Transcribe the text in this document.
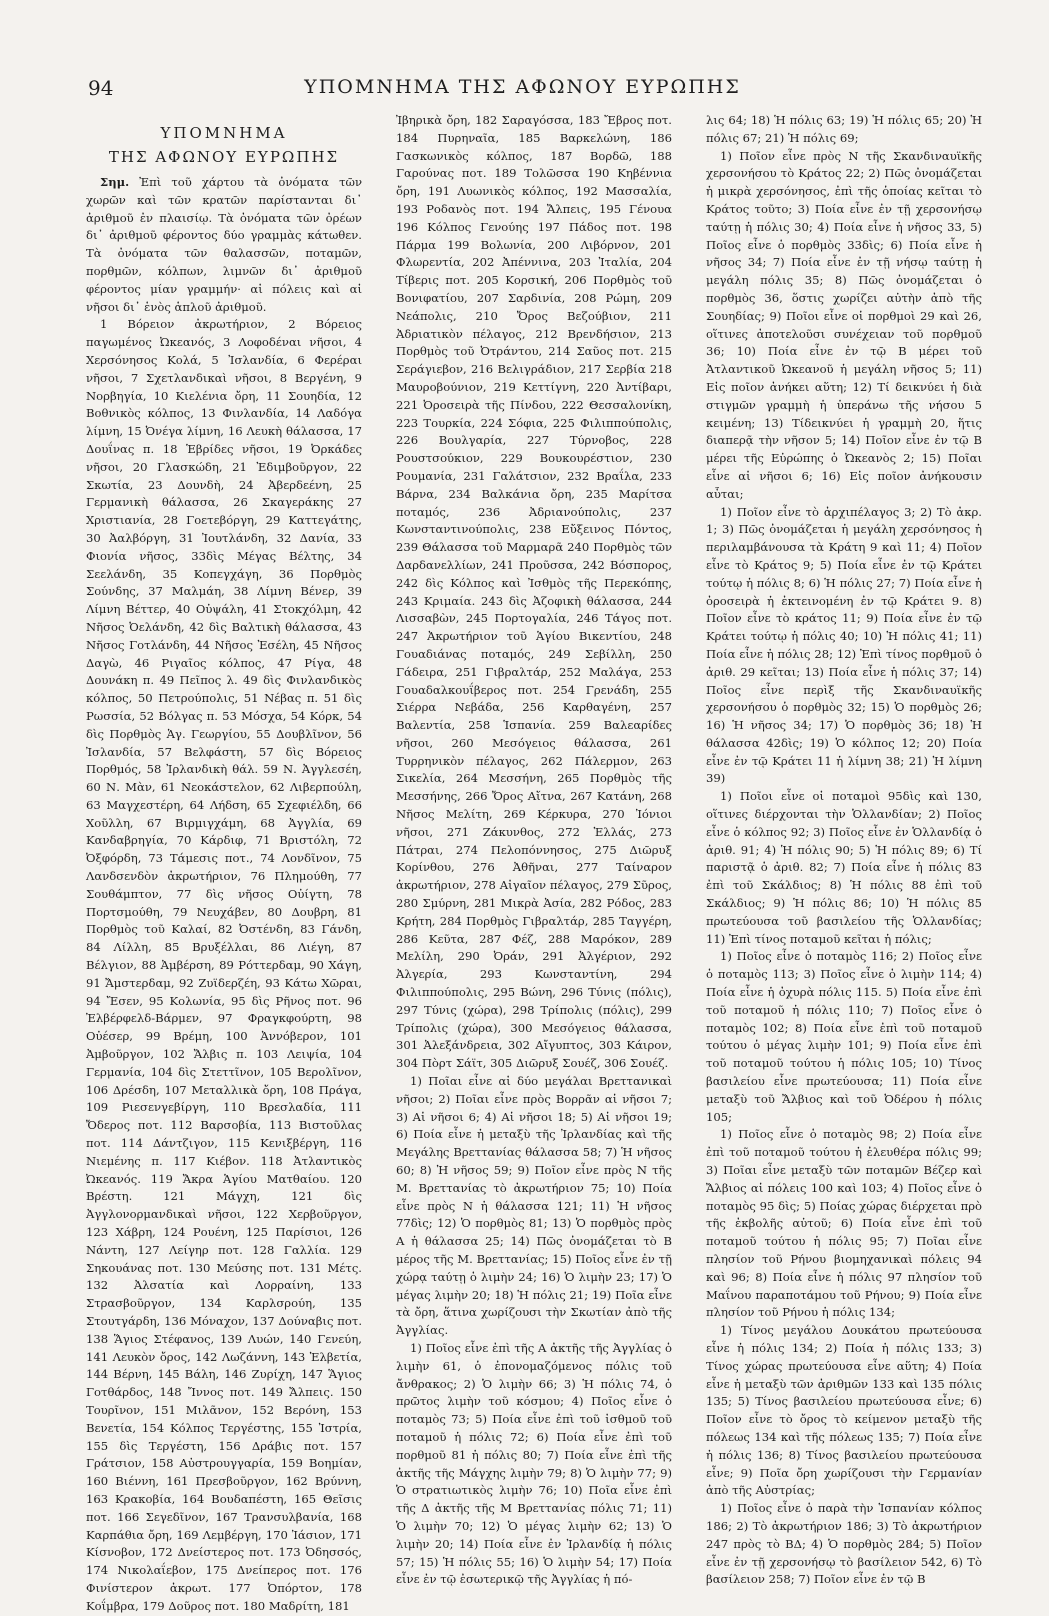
94	ΥΠΟΜΝΗΜΑ ΤΗΣ ΑΦΩΝΟΥ ΕΥΡΩΠΗΣ
ΥΠΟΜΝΗΜΑ
ΤΗΣ ΑΦΩΝΟΥ ΕΥΡΩΠΗΣ

Σημ. Ἐπὶ τοῦ χάρτου τὰ ὀνόματα τῶν χωρῶν καὶ τῶν κρατῶν παρίστανται δι᾽ ἀριθμοῦ ἐν πλαισίῳ. Τὰ ὀνόματα τῶν ὀρέων δι᾽ ἀριθμοῦ φέροντος δύο γραμμὰς κάτωθεν. Τὰ ὀνόματα τῶν θαλασσῶν, ποταμῶν, πορθμῶν, κόλπων, λιμνῶν δι᾽ ἀριθμοῦ φέροντος μίαν γραμμήν· αἱ πόλεις καὶ αἱ νῆσοι δι᾽ ἑνὸς ἁπλοῦ ἀριθμοῦ.

1 Βόρειον ἀκρωτήριον, 2 Βόρειος παγωμένος Ὠκεανός, 3 Λοφοδέναι νῆσοι, 4 Χερσόνησος Κολά, 5 Ἰσλανδία, 6 Φερέραι νῆσοι, 7 Σχετλανδικαὶ νῆσοι, 8 Βεργένη, 9 Νορβηγία, 10 Κιελένια ὄρη, 11 Σουηδία, 12 Βοθνικὸς κόλπος, 13 Φινλανδία, 14 Λαδόγα λίμνη, 15 Ὀνέγα λίμνη, 16 Λευκὴ θάλασσα, 17 Δουΐνας π. 18 Ἑβρίδες νῆσοι, 19 Ὀρκάδες νῆσοι, 20 Γλασκώδη, 21 Ἐδιμβοῦργον, 22 Σκωτία, 23 Δουνδὴ, 24 Ἀβερδεένη, 25 Γερμανικὴ θάλασσα, 26 Σκαγεράκης 27 Χριστιανία, 28 Γοετεβόργη, 29 Καττεγάτης, 30 Ἀαλβόργη, 31 Ἰουτλάνδη, 32 Δανία, 33 Φιονία νῆσος, 33δὶς Μέγας Βέλτης, 34 Σεελάνδη, 35 Κοπεγχάγη, 36 Πορθμὸς Σούνδης, 37 Μαλμάη, 38 Λίμνη Βένερ, 39 Λίμνη Βέττερ, 40 Οὐψάλη, 41 Στοκχόλμη, 42 Νῆσος Ὀελάνδη, 42 δὶς Βαλτικὴ θάλασσα, 43 Νῆσος Γοτλάνδη, 44 Νῆσος Ἐσέλη, 45 Νῆσος Δαγὼ, 46 Ριγαῖος κόλπος, 47 Ρίγα, 48 Δουνάκη π. 49 Πεῖπος λ. 49 δὶς Φινλανδικὸς κόλπος, 50 Πετρούπολις, 51 Νέβας π. 51 δὶς Ρωσσία, 52 Βόλγας π. 53 Μόσχα, 54 Κόρκ, 54 δὶς Πορθμὸς Ἁγ. Γεωργίου, 55 Δουβλῖνον, 56 Ἰσλανδία, 57 Βελφάστη, 57 δὶς Βόρειος Πορθμός, 58 Ἰρλανδικὴ θάλ. 59 Ν. Ἀγγλεσέη, 60 Ν. Μὰν, 61 Νεοκάστελον, 62 Λιβερπούλη, 63 Μαγχεστέρη, 64 Λήδση, 65 Σχεφιέλδη, 66 Χοῦλλη, 67 Βιρμιγχάμη, 68 Ἀγγλία, 69 Κανδαβρηγία, 70 Κάρδιφ, 71 Βριστόλη, 72 Ὀξφόρδη, 73 Τάμεσις ποτ., 74 Λονδῖνον, 75 Λανδσενδὸν ἀκρωτήριον, 76 Πλημούθη, 77 Σουθάμπτον, 77 δὶς νῆσος Οὐίγτη, 78 Πορτσμούθη, 79 Νευχάβεν, 80 Δουβρη, 81 Πορθμὸς τοῦ Καλαί, 82 Ὀστένδη, 83 Γάνδη, 84 Λίλλη, 85 Βρυξέλλαι, 86 Λιέγη, 87 Βέλγιον, 88 Ἀμβέρση, 89 Ρόττερδαμ, 90 Χάγη, 91 Ἄμστερδαμ, 92 Ζυϊδερζέη, 93 Κάτω Χῶραι, 94 Ἔσεν, 95 Κολωνία, 95 δὶς Ρῆνος ποτ. 96 Ἐλβέρφελδ-Βάρμεν, 97 Φραγκφούρτη, 98 Οὐέσερ, 99 Βρέμη, 100 Ἀννόβερον, 101 Ἀμβοῦργον, 102 Ἄλβις π. 103 Λειψία, 104 Γερμανία, 104 δὶς Στεττῖνον, 105 Βερολῖνον, 106 Δρέσδη, 107 Μεταλλικὰ ὄρη, 108 Πράγα, 109 Ριεσενγεβίργη, 110 Βρεσλαδία, 111 Ὄδερος ποτ. 112 Βαρσοβία, 113 Βιστοῦλας ποτ. 114 Δάντζιγον, 115 Κενιξβέργη, 116 Νιεμένης π. 117 Κιέβον. 118 Ἀτλαντικὸς Ὠκεανός. 119 Ἄκρα Ἁγίου Ματθαίου. 120 Βρέστη. 121 Μάγχη, 121 δὶς Ἀγγλονορμανδικαὶ νῆσοι, 122 Χερβοῦργον, 123 Χάβρη, 124 Ρουένη, 125 Παρίσιοι, 126 Νάντη, 127 Λείγηρ ποτ. 128 Γαλλία. 129 Σηκουάνας ποτ. 130 Μεύσης ποτ. 131 Μέτς. 132 Ἀλσατία καὶ Λορραίνη, 133 Στρασβοῦργον, 134 Καρλσρούη, 135 Στουτγάρδη, 136 Μόναχον, 137 Δούναβις ποτ. 138 Ἅγιος Στέφανος, 139 Λυών, 140 Γενεύη, 141 Λευκὸν ὄρος, 142 Λωζάννη, 143 Ἑλβετία, 144 Βέρνη, 145 Βάλη, 146 Ζυρίχη, 147 Ἅγιος Γοτθάρδος, 148 Ἴννος ποτ. 149 Ἄλπεις. 150 Τουρῖνον, 151 Μιλᾶνον, 152 Βερόνη, 153 Βενετία, 154 Κόλπος Τεργέστης, 155 Ἰστρία, 155 δὶς Τεργέστη, 156 Δράβις ποτ. 157 Γράτσιον, 158 Αὐστρουγγαρία, 159 Βοημίαν, 160 Βιέννη, 161 Πρεσβοῦργον, 162 Βρύννη, 163 Κρακοβία, 164 Βουδαπέστη, 165 Θεῖσις ποτ. 166 Σεγεδῖνον, 167 Τρανσυλβανία, 168 Καρπάθια ὄρη, 169 Λεμβέργη, 170 Ἰάσιον, 171 Κίσνοβον, 172 Δνείστερος ποτ. 173 Ὀδησσός, 174 Νικολαΐεβον, 175 Δνείπερος ποτ. 176 Φινίστερον ἀκρωτ. 177 Ὀπόρτον, 178 Κοΐμβρα, 179 Δοῦρος ποτ. 180 Μαδρίτη, 181

Ἰβηρικὰ ὄρη, 182 Σαραγόσσα, 183 Ἔβρος ποτ. 184 Πυρηναῖα, 185 Βαρκελώνη, 186 Γασκωνικὸς κόλπος, 187 Βορδῶ, 188 Γαρούνας ποτ. 189 Τολῶσσα 190 Κηβέννια ὄρη, 191 Λυωνικὸς κόλπος, 192 Μασσαλία, 193 Ροδανὸς ποτ. 194 Ἄλπεις, 195 Γένουα 196 Κόλπος Γενούης 197 Πάδος ποτ. 198 Πάρμα 199 Βολωνία, 200 Λιβόρνον, 201 Φλωρεντία, 202 Ἀπέννινα, 203 Ἰταλία, 204 Τίβερις ποτ. 205 Κορσική, 206 Πορθμὸς τοῦ Βονιφατίου, 207 Σαρδινία, 208 Ρώμη, 209 Νεάπολις, 210 Ὄρος Βεζούβιον, 211 Ἀδριατικὸν πέλαγος, 212 Βρενδήσιον, 213 Πορθμὸς τοῦ Ὀτράντου, 214 Σαῦος ποτ. 215 Σεράγιεβον, 216 Βελιγράδιον, 217 Σερβία 218 Μαυροβούνιον, 219 Κεττίγνη, 220 Ἀντίβαρι, 221 Ὀροσειρὰ τῆς Πίνδου, 222 Θεσσαλονίκη, 223 Τουρκία, 224 Σόφια, 225 Φιλιππούπολις, 226 Βουλγαρία, 227 Τύρνοβος, 228 Ρουστσούκιον, 229 Βουκουρέστιον, 230 Ρουμανία, 231 Γαλάτσιον, 232 Βραΐλα, 233 Βάρνα, 234 Βαλκάνια ὄρη, 235 Μαρίτσα ποταμός, 236 Ἀδριανούπολις, 237 Κωνσταντινούπολις, 238 Εὔξεινος Πόντος, 239 Θάλασσα τοῦ Μαρμαρᾶ 240 Πορθμὸς τῶν Δαρδανελλίων, 241 Προῦσσα, 242 Βόσπορος, 242 δὶς Κόλπος καὶ Ἰσθμὸς τῆς Περεκόπης, 243 Κριμαία. 243 δὶς Ἀζοφικὴ θάλασσα, 244 Λισσαβὼν, 245 Πορτογαλία, 246 Τάγος ποτ. 247 Ἀκρωτήριον τοῦ Ἁγίου Βικεντίου, 248 Γουαδιάνας ποταμός, 249 Σεβίλλη, 250 Γάδειρα, 251 Γιβραλτάρ, 252 Μαλάγα, 253 Γουαδαλκουΐβερος ποτ. 254 Γρενάδη, 255 Σιέρρα Νεβάδα, 256 Καρθαγένη, 257 Βαλεντία, 258 Ἱσπανία. 259 Βαλεαρίδες νῆσοι, 260 Μεσόγειος θάλασσα, 261 Τυρρηνικὸν πέλαγος, 262 Πάλερμον, 263 Σικελία, 264 Μεσσήνη, 265 Πορθμὸς τῆς Μεσσήνης, 266 Ὄρος Αἴτνα, 267 Κατάνη, 268 Νῆσος Μελίτη, 269 Κέρκυρα, 270 Ἰόνιοι νῆσοι, 271 Ζάκυνθος, 272 Ἑλλάς, 273 Πάτραι, 274 Πελοπόννησος, 275 Διῶρυξ Κορίνθου, 276 Ἀθῆναι, 277 Ταίναρον ἀκρωτήριον, 278 Αἰγαῖον πέλαγος, 279 Σῦρος, 280 Σμύρνη, 281 Μικρὰ Ἀσία, 282 Ρόδος, 283 Κρήτη, 284 Πορθμὸς Γιβραλτάρ, 285 Ταγγέρη, 286 Κεῦτα, 287 Φέζ, 288 Μαρόκον, 289 Μελίλη, 290 Ὀράν, 291 Ἀλγέριον, 292 Ἀλγερία, 293 Κωνσταντίνη, 294 Φιλιππούπολις, 295 Βώνη, 296 Τύνις (πόλις), 297 Τύνις (χώρα), 298 Τρίπολις (πόλις), 299 Τρίπολις (χώρα), 300 Μεσόγειος θάλασσα, 301 Ἀλεξάνδρεια, 302 Αἴγυπτος, 303 Κάιρον, 304 Πὸρτ Σάϊτ, 305 Διῶρυξ Σουέζ, 306 Σουέζ.

1) Ποῖαι εἶνε αἱ δύο μεγάλαι Βρεττανικαὶ νῆσοι; 2) Ποῖαι εἶνε πρὸς Βορρᾶν αἱ νῆσοι 7; 3) Αἱ νῆσοι 6; 4) Αἱ νῆσοι 18; 5) Αἱ νῆσοι 19; 6) Ποία εἶνε ἡ μεταξὺ τῆς Ἰρλανδίας καὶ τῆς Μεγάλης Βρεττανίας θάλασσα 58; 7) Ἡ νῆσος 60; 8) Ἡ νῆσος 59; 9) Ποῖον εἶνε πρὸς Ν τῆς Μ. Βρεττανίας τὸ ἀκρωτήριον 75; 10) Ποία εἶνε πρὸς Ν ἡ θάλασσα 121; 11) Ἡ νῆσος 77δὶς; 12) Ὁ πορθμὸς 81; 13) Ὁ πορθμὸς πρὸς Α ἡ θάλασσα 25; 14) Πῶς ὀνομάζεται τὸ Β μέρος τῆς Μ. Βρεττανίας; 15) Ποῖος εἶνε ἐν τῇ χώρᾳ ταύτῃ ὁ λιμὴν 24; 16) Ὁ λιμὴν 23; 17) Ὁ μέγας λιμὴν 20; 18) Ἡ πόλις 21; 19) Ποῖα εἶνε τὰ ὄρη, ἅτινα χωρίζουσι τὴν Σκωτίαν ἀπὸ τῆς Ἀγγλίας.

1) Ποῖος εἶνε ἐπὶ τῆς Α ἀκτῆς τῆς Ἀγγλίας ὁ λιμὴν 61, ὁ ἐπονομαζόμενος πόλις τοῦ ἄνθρακος; 2) Ὁ λιμὴν 66; 3) Ἡ πόλις 74, ὁ πρῶτος λιμὴν τοῦ κόσμου; 4) Ποῖος εἶνε ὁ ποταμὸς 73; 5) Ποία εἶνε ἐπὶ τοῦ ἰσθμοῦ τοῦ ποταμοῦ ἡ πόλις 72; 6) Ποία εἶνε ἐπὶ τοῦ πορθμοῦ 81 ἡ πόλις 80; 7) Ποία εἶνε ἐπὶ τῆς ἀκτῆς τῆς Μάγχης λιμὴν 79; 8) Ὁ λιμὴν 77; 9) Ὁ στρατιωτικὸς λιμὴν 76; 10) Ποῖα εἶνε ἐπὶ τῆς Δ ἀκτῆς τῆς Μ Βρεττανίας πόλις 71; 11) Ὁ λιμὴν 70; 12) Ὁ μέγας λιμὴν 62; 13) Ὁ λιμὴν 20; 14) Ποία εἶνε ἐν Ἰρλανδίᾳ ἡ πόλις 57; 15) Ἡ πόλις 55; 16) Ὁ λιμὴν 54; 17) Ποία εἶνε ἐν τῷ ἐσωτερικῷ τῆς Ἀγγλίας ἡ πό-

λις 64; 18) Ἡ πόλις 63; 19) Ἡ πόλις 65; 20) Ἡ πόλις 67; 21) Ἡ πόλις 69;

1) Ποῖον εἶνε πρὸς Ν τῆς Σκανδιναυϊκῆς χερσονήσου τὸ Κράτος 22; 2) Πῶς ὀνομάζεται ἡ μικρὰ χερσόνησος, ἐπὶ τῆς ὁποίας κεῖται τὸ Κράτος τοῦτο; 3) Ποία εἶνε ἐν τῇ χερσονήσῳ ταύτῃ ἡ πόλις 30; 4) Ποία εἶνε ἡ νῆσος 33, 5) Ποῖος εἶνε ὁ πορθμὸς 33δὶς; 6) Ποία εἶνε ἡ νῆσος 34; 7) Ποία εἶνε ἐν τῇ νήσῳ ταύτῃ ἡ μεγάλη πόλις 35; 8) Πῶς ὀνομάζεται ὁ πορθμὸς 36, ὅστις χωρίζει αὐτὴν ἀπὸ τῆς Σουηδίας; 9) Ποῖοι εἶνε οἱ πορθμοὶ 29 καὶ 26, οἵτινες ἀποτελοῦσι συνέχειαν τοῦ πορθμοῦ 36; 10) Ποία εἶνε ἐν τῷ Β μέρει τοῦ Ἀτλαντικοῦ Ὠκεανοῦ ἡ μεγάλη νῆσος 5; 11) Εἰς ποῖον ἀνήκει αὕτη; 12) Τί δεικνύει ἡ διὰ στιγμῶν γραμμὴ ἡ ὑπεράνω τῆς νήσου 5 κειμένη; 13) Τίδεικνύει ἡ γραμμὴ 20, ἥτις διαπερᾷ τὴν νῆσον 5; 14) Ποῖον εἶνε ἐν τῷ Β μέρει τῆς Εὐρώπης ὁ Ὠκεανὸς 2; 15) Ποῖαι εἶνε αἱ νῆσοι 6; 16) Εἰς ποῖον ἀνήκουσιν αὗται;

1) Ποῖον εἶνε τὸ ἀρχιπέλαγος 3; 2) Τὸ ἀκρ. 1; 3) Πῶς ὀνομάζεται ἡ μεγάλη χερσόνησος ἡ περιλαμβάνουσα τὰ Κράτη 9 καὶ 11; 4) Ποῖον εἶνε τὸ Κράτος 9; 5) Ποία εἶνε ἐν τῷ Κράτει τούτῳ ἡ πόλις 8; 6) Ἡ πόλις 27; 7) Ποία εἶνε ἡ ὀροσειρὰ ἡ ἐκτεινομένη ἐν τῷ Κράτει 9. 8) Ποῖον εἶνε τὸ κράτος 11; 9) Ποία εἶνε ἐν τῷ Κράτει τούτῳ ἡ πόλις 40; 10) Ἡ πόλις 41; 11) Ποία εἶνε ἡ πόλις 28; 12) Ἐπὶ τίνος πορθμοῦ ὁ ἀριθ. 29 κεῖται; 13) Ποία εἶνε ἡ πόλις 37; 14) Ποῖος εἶνε περὶξ τῆς Σκανδιναυϊκῆς χερσονήσου ὁ πορθμὸς 32; 15) Ὁ πορθμὸς 26; 16) Ἡ νῆσος 34; 17) Ὁ πορθμὸς 36; 18) Ἡ θάλασσα 42δὶς; 19) Ὁ κόλπος 12; 20) Ποία εἶνε ἐν τῷ Κράτει 11 ἡ λίμνη 38; 21) Ἡ λίμνη 39)

1) Ποῖοι εἶνε οἱ ποταμοὶ 95δὶς καὶ 130, οἵτινες διέρχονται τὴν Ὁλλανδίαν; 2) Ποῖος εἶνε ὁ κόλπος 92; 3) Ποῖος εἶνε ἐν Ὁλλανδίᾳ ὁ ἀριθ. 91; 4) Ἡ πόλις 90; 5) Ἡ πόλις 89; 6) Τί παριστᾷ ὁ ἀριθ. 82; 7) Ποία εἶνε ἡ πόλις 83 ἐπὶ τοῦ Σκάλδιος; 8) Ἡ πόλις 88 ἐπὶ τοῦ Σκάλδιος; 9) Ἡ πόλις 86; 10) Ἡ πόλις 85 πρωτεύουσα τοῦ βασιλείου τῆς Ὁλλανδίας; 11) Ἐπὶ τίνος ποταμοῦ κεῖται ἡ πόλις;

1) Ποῖος εἶνε ὁ ποταμὸς 116; 2) Ποῖος εἶνε ὁ ποταμὸς 113; 3) Ποῖος εἶνε ὁ λιμὴν 114; 4) Ποία εἶνε ἡ ὀχυρὰ πόλις 115. 5) Ποία εἶνε ἐπὶ τοῦ ποταμοῦ ἡ πόλις 110; 7) Ποῖος εἶνε ὁ ποταμὸς 102; 8) Ποία εἶνε ἐπὶ τοῦ ποταμοῦ τούτου ὁ μέγας λιμὴν 101; 9) Ποία εἶνε ἐπὶ τοῦ ποταμοῦ τούτου ἡ πόλις 105; 10) Τίνος βασιλείου εἶνε πρωτεύουσα; 11) Ποία εἶνε μεταξὺ τοῦ Ἄλβιος καὶ τοῦ Ὀδέρου ἡ πόλις 105;

1) Ποῖος εἶνε ὁ ποταμὸς 98; 2) Ποία εἶνε ἐπὶ τοῦ ποταμοῦ τούτου ἡ ἐλευθέρα πόλις 99; 3) Ποῖαι εἶνε μεταξὺ τῶν ποταμῶν Βέζερ καὶ Ἄλβιος αἱ πόλεις 100 καὶ 103; 4) Ποῖος εἶνε ὁ ποταμὸς 95 δὶς; 5) Ποίας χώρας διέρχεται πρὸ τῆς ἐκβολῆς αὐτοῦ; 6) Ποία εἶνε ἐπὶ τοῦ ποταμοῦ τούτου ἡ πόλις 95; 7) Ποῖαι εἶνε πλησίον τοῦ Ρήνου βιομηχανικαὶ πόλεις 94 καὶ 96; 8) Ποία εἶνε ἡ πόλις 97 πλησίον τοῦ Μαΐνου παραποτάμου τοῦ Ρήνου; 9) Ποία εἶνε πλησίον τοῦ Ρήνου ἡ πόλις 134;

1) Τίνος μεγάλου Δουκάτου πρωτεύουσα εἶνε ἡ πόλις 134; 2) Ποία ἡ πόλις 133; 3) Τίνος χώρας πρωτεύουσα εἶνε αὕτη; 4) Ποία εἶνε ἡ μεταξὺ τῶν ἀριθμῶν 133 καὶ 135 πόλις 135; 5) Τίνος βασιλείου πρωτεύουσα εἶνε; 6) Ποῖον εἶνε τὸ ὄρος τὸ κείμενον μεταξὺ τῆς πόλεως 134 καὶ τῆς πόλεως 135; 7) Ποία εἶνε ἡ πόλις 136; 8) Τίνος βασιλείου πρωτεύουσα εἶνε; 9) Ποῖα ὄρη χωρίζουσι τὴν Γερμανίαν ἀπὸ τῆς Αὐστρίας;

1) Ποῖος εἶνε ὁ παρὰ τὴν Ἱσπανίαν κόλπος 186; 2) Τὸ ἀκρωτήριον 186; 3) Τὸ ἀκρωτήριον 247 πρὸς τὸ ΒΔ; 4) Ὁ πορθμὸς 284; 5) Ποῖον εἶνε ἐν τῇ χερσονήσῳ τὸ βασίλειον 542, 6) Τὸ βασίλειον 258; 7) Ποῖον εἶνε ἐν τῷ Β
